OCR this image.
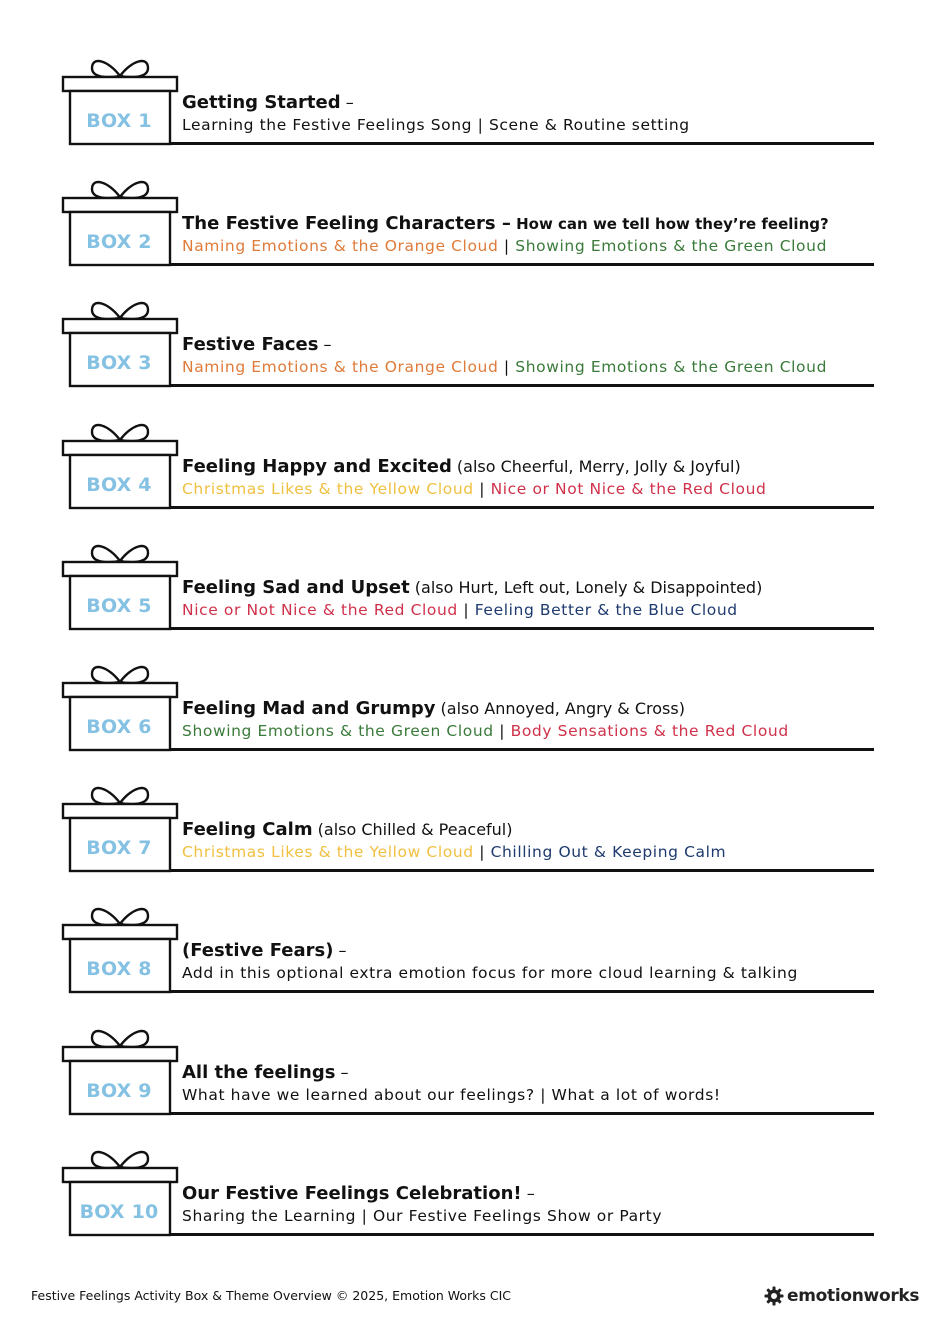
BOX 1
Getting Started –
Learning the Festive Feelings Song | Scene & Routine setting
BOX 2
The Festive Feeling Characters – How can we tell how they’re feeling?
Naming Emotions & the Orange Cloud | Showing Emotions & the Green Cloud
BOX 3
Festive Faces –
Naming Emotions & the Orange Cloud | Showing Emotions & the Green Cloud
BOX 4
Feeling Happy and Excited (also Cheerful, Merry, Jolly & Joyful)
Christmas Likes & the Yellow Cloud | Nice or Not Nice & the Red Cloud
BOX 5
Feeling Sad and Upset (also Hurt, Left out, Lonely & Disappointed)
Nice or Not Nice & the Red Cloud | Feeling Better & the Blue Cloud
BOX 6
Feeling Mad and Grumpy (also Annoyed, Angry & Cross)
Showing Emotions & the Green Cloud | Body Sensations & the Red Cloud
BOX 7
Feeling Calm (also Chilled & Peaceful)
Christmas Likes & the Yellow Cloud | Chilling Out & Keeping Calm
BOX 8
(Festive Fears) –
Add in this optional extra emotion focus for more cloud learning & talking
BOX 9
All the feelings –
What have we learned about our feelings? | What a lot of words!
BOX 10
Our Festive Feelings Celebration! –
Sharing the Learning | Our Festive Feelings Show or Party
Festive Feelings Activity Box & Theme Overview © 2025, Emotion Works CIC	emotionworks
